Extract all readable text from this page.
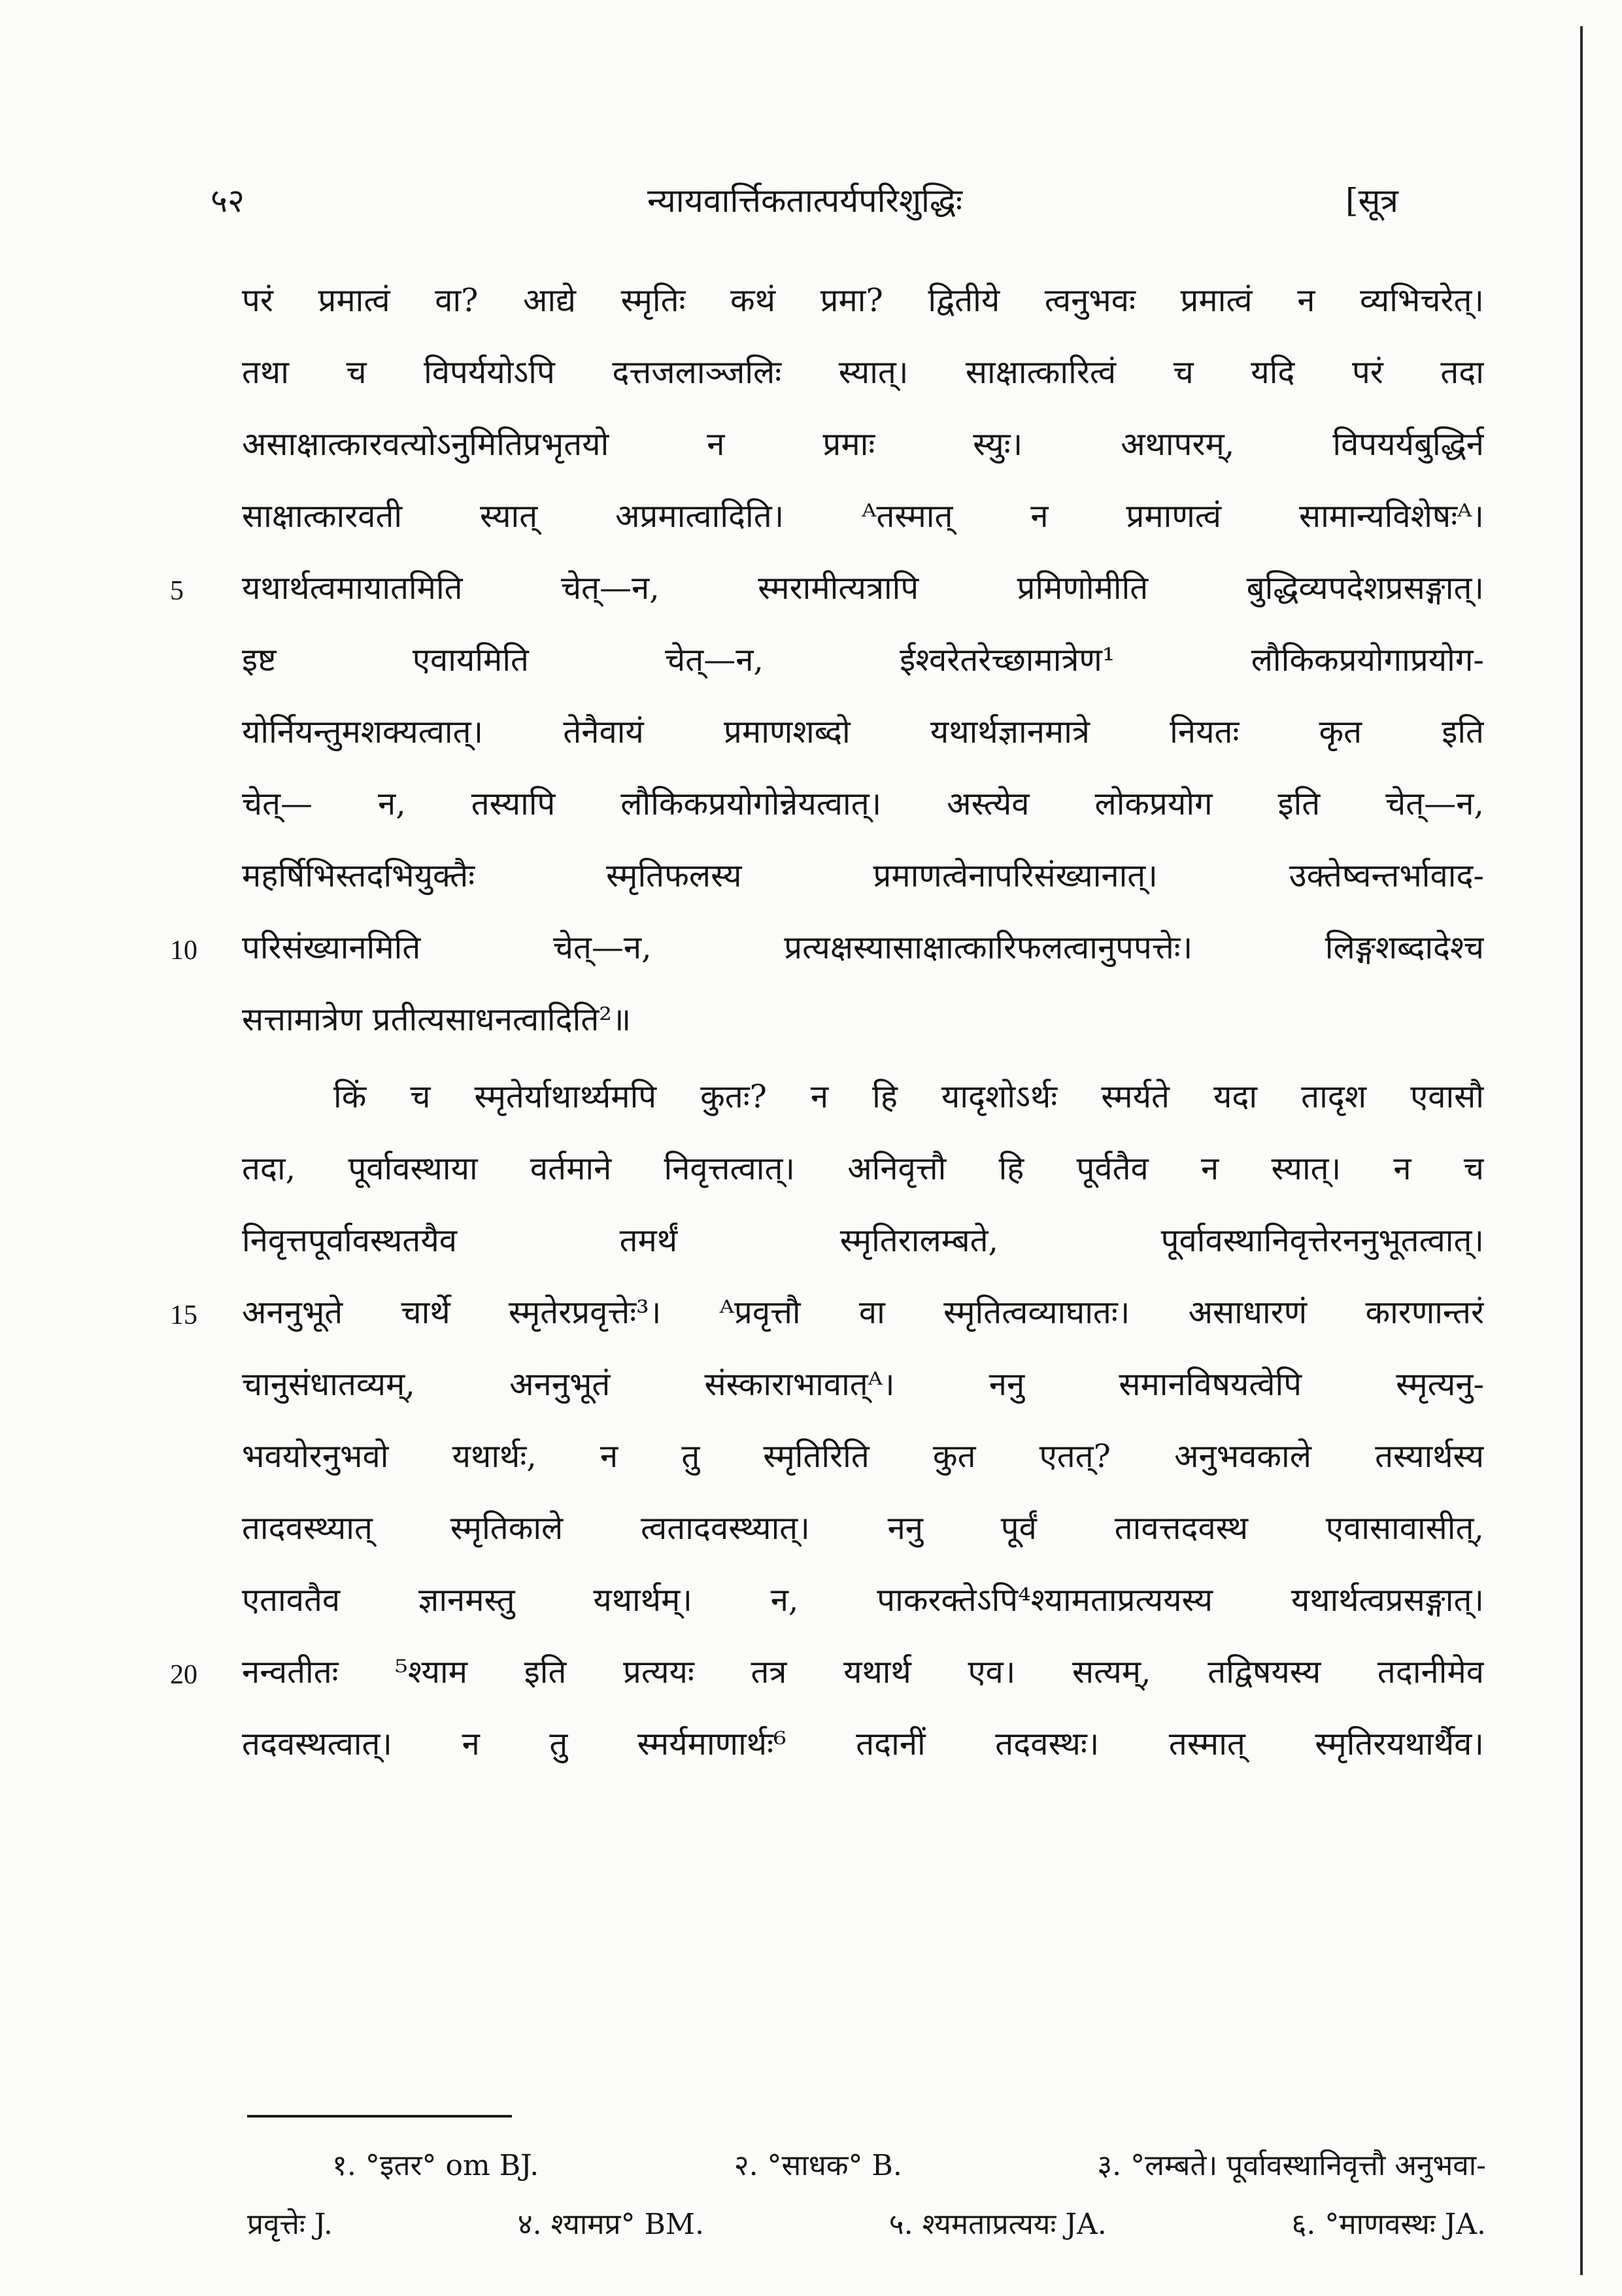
५२	न्यायवार्त्तिकतात्पर्यपरिशुद्धिः	[सूत्र
परं प्रमात्वं वा? आद्ये स्मृतिः कथं प्रमा? द्वितीये त्वनुभवः प्रमात्वं न व्यभिचरेत्।
तथा च विपर्ययोऽपि दत्तजलाञ्जलिः स्यात्। साक्षात्कारित्वं च यदि परं तदा
असाक्षात्कारवत्योऽनुमितिप्रभृतयो न प्रमाः स्युः। अथापरम्, विपयर्यबुद्धिर्न
साक्षात्कारवती स्यात् अप्रमात्वादिति। ᴬतस्मात् न प्रमाणत्वं सामान्यविशेषःᴬ।
5	यथार्थत्वमायातमिति चेत्—न, स्मरामीत्यत्रापि प्रमिणोमीति बुद्धिव्यपदेशप्रसङ्गात्।
इष्ट एवायमिति चेत्—न, ईश्वरेतरेच्छामात्रेण¹ लौकिकप्रयोगाप्रयोग-
योर्नियन्तुमशक्यत्वात्। तेनैवायं प्रमाणशब्दो यथार्थज्ञानमात्रे नियतः कृत इति
चेत्— न, तस्यापि लौकिकप्रयोगोन्नेयत्वात्। अस्त्येव लोकप्रयोग इति चेत्—न,
महर्षिभिस्तदभियुक्तैः स्मृतिफलस्य प्रमाणत्वेनापरिसंख्यानात्। उक्तेष्वन्तर्भावाद-
10	परिसंख्यानमिति चेत्—न, प्रत्यक्षस्यासाक्षात्कारिफलत्वानुपपत्तेः। लिङ्गशब्दादेश्च
सत्तामात्रेण प्रतीत्यसाधनत्वादिति²॥
किं च स्मृतेर्याथार्थ्यमपि कुतः? न हि यादृशोऽर्थः स्मर्यते यदा तादृश एवासौ
तदा, पूर्वावस्थाया वर्तमाने निवृत्तत्वात्। अनिवृत्तौ हि पूर्वतैव न स्यात्। न च
निवृत्तपूर्वावस्थतयैव तमर्थं स्मृतिरालम्बते, पूर्वावस्थानिवृत्तेरननुभूतत्वात्।
15	अननुभूते चार्थे स्मृतेरप्रवृत्तेः³। ᴬप्रवृत्तौ वा स्मृतित्वव्याघातः। असाधारणं कारणान्तरं
चानुसंधातव्यम्, अननुभूतं संस्काराभावात्ᴬ। ननु समानविषयत्वेपि स्मृत्यनु-
भवयोरनुभवो यथार्थः, न तु स्मृतिरिति कुत एतत्? अनुभवकाले तस्यार्थस्य
तादवस्थ्यात् स्मृतिकाले त्वतादवस्थ्यात्। ननु पूर्वं तावत्तदवस्थ एवासावासीत्,
एतावतैव ज्ञानमस्तु यथार्थम्। न, पाकरक्तेऽपि⁴श्यामताप्रत्ययस्य यथार्थत्वप्रसङ्गात्।
20	नन्वतीतः ⁵श्याम इति प्रत्ययः तत्र यथार्थ एव। सत्यम्, तद्विषयस्य तदानीमेव
तदवस्थत्वात्। न तु स्मर्यमाणार्थः⁶ तदानीं तदवस्थः। तस्मात् स्मृतिरयथार्थैव।
१. °इतर° om BJ.	२. °साधक° B.	३. °लम्बते। पूर्वावस्थानिवृत्तौ अनुभवा-
प्रवृत्तेः J.	४. श्यामप्र° BM.	५. श्यमताप्रत्ययः JA.	६. °माणवस्थः JA.
